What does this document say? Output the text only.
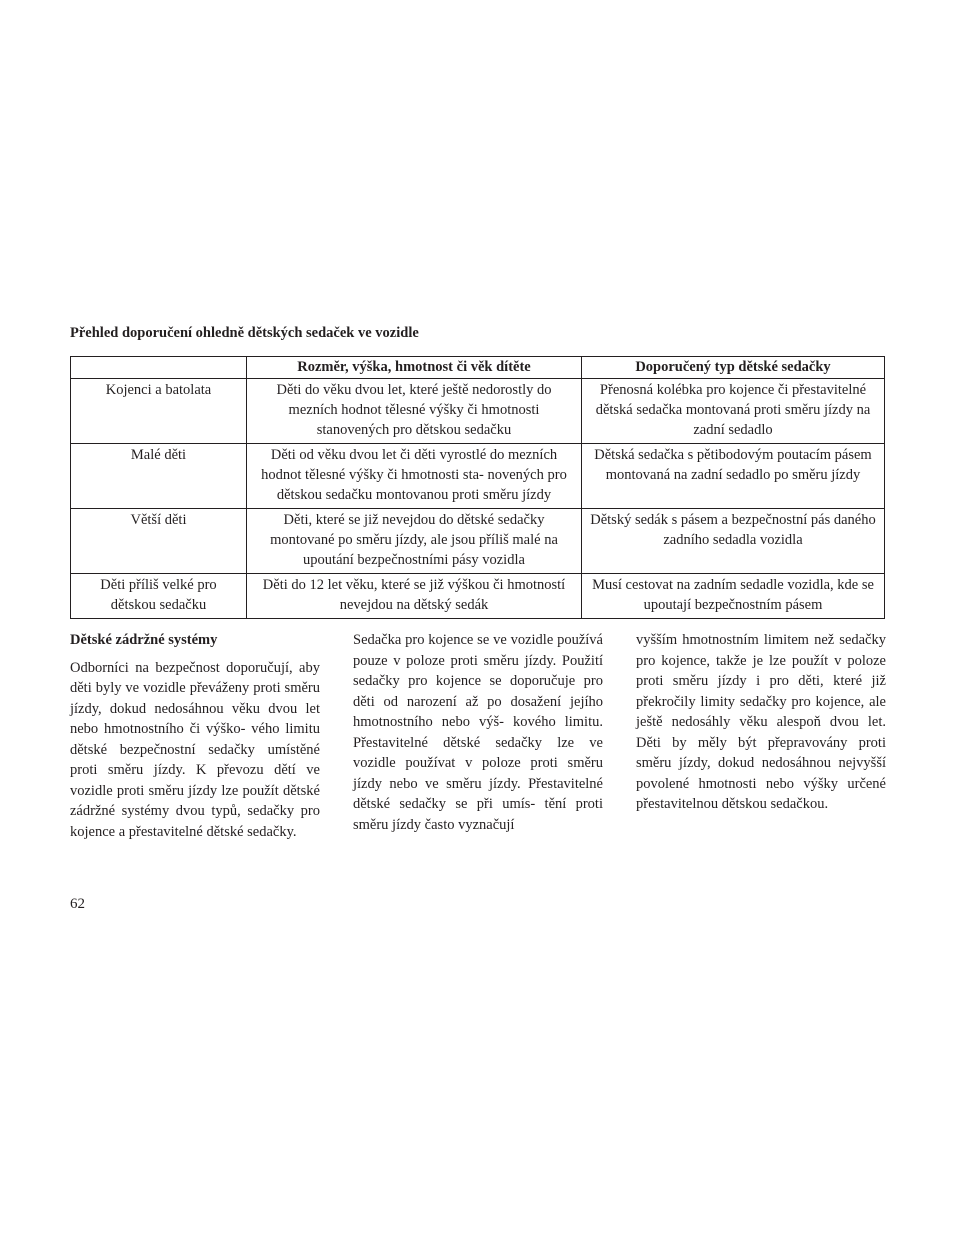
Přehled doporučení ohledně dětských sedaček ve vozidle
	Rozměr, výška, hmotnost či věk dítěte	Doporučený typ dětské sedačky
Kojenci a batolata	Děti do věku dvou let, které ještě nedorostly do mezních hodnot tělesné výšky či hmotnosti stanovených pro dětskou sedačku	Přenosná kolébka pro kojence či přestavitelné dětská sedačka montovaná proti směru jízdy na zadní sedadlo
Malé děti	Děti od věku dvou let či děti vyrostlé do mezních hodnot tělesné výšky či hmotnosti sta- novených pro dětskou sedačku montovanou proti směru jízdy	Dětská sedačka s pětibodovým poutacím pásem montovaná na zadní sedadlo po směru jízdy
Větší děti	Děti, které se již nevejdou do dětské sedačky montované po směru jízdy, ale jsou příliš malé na upoutání bezpečnostními pásy vozidla	Dětský sedák s pásem a bezpečnostní pás daného zadního sedadla vozidla
Děti příliš velké pro dětskou sedačku	Děti do 12 let věku, které se již výškou či hmotností nevejdou na dětský sedák	Musí cestovat na zadním sedadle vozidla, kde se upoutají bezpečnostním pásem

Dětské zádržné systémy

Odborníci na bezpečnost doporučují, aby děti byly ve vozidle převáženy proti směru jízdy, dokud nedosáhnou věku dvou let nebo hmotnostního či výško- vého limitu dětské bezpečnostní sedačky umístěné proti směru jízdy. K převozu dětí ve vozidle proti směru jízdy lze použít dětské zádržné systémy dvou typů, sedačky pro kojence a přestavitelné dětské sedačky.

Sedačka pro kojence se ve vozidle používá pouze v poloze proti směru jízdy. Použití sedačky pro kojence se doporučuje pro děti od narození až po dosažení jejího hmotnostního nebo výš- kového limitu. Přestavitelné dětské sedačky lze ve vozidle používat v poloze proti směru jízdy nebo ve směru jízdy. Přestavitelné dětské sedačky se při umís- tění proti směru jízdy často vyznačují

vyšším hmotnostním limitem než sedačky pro kojence, takže je lze použít v poloze proti směru jízdy i pro děti, které již překročily limity sedačky pro kojence, ale ještě nedosáhly věku alespoň dvou let. Děti by měly být přepravovány proti směru jízdy, dokud nedosáhnou nejvyšší povolené hmotnosti nebo výšky určené přestavitelnou dětskou sedačkou.

62
